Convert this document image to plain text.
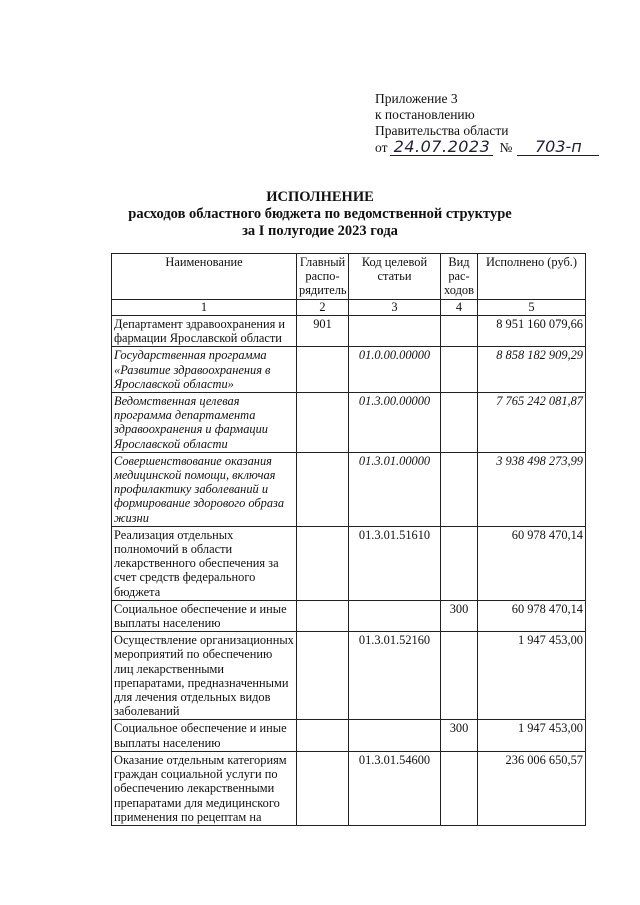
Приложение 3
к постановлению
Правительства области
от 24.07.2023 №	703-п
ИСПОЛНЕНИЕ
расходов областного бюджета по ведомственной структуре
за I полугодие 2023 года
Наименование	Главный распо-рядитель	Код целевой статьи	Вид рас-ходов	Исполнено (руб.)
1	2	3	4	5
Департамент здравоохранения и фармации Ярославской области	901			8 951 160 079,66
Государственная программа «Развитие здравоохранения в Ярославской области»		01.0.00.00000		8 858 182 909,29
Ведомственная целевая программа департамента здравоохранения и фармации Ярославской области		01.3.00.00000		7 765 242 081,87
Совершенствование оказания медицинской помощи, включая профилактику заболеваний и формирование здорового образа жизни		01.3.01.00000		3 938 498 273,99
Реализация отдельных полномочий в области лекарственного обеспечения за счет средств федерального бюджета		01.3.01.51610		60 978 470,14
Социальное обеспечение и иные выплаты населению			300	60 978 470,14
Осуществление организационных мероприятий по обеспечению лиц лекарственными препаратами, предназначенными для лечения отдельных видов заболеваний		01.3.01.52160		1 947 453,00
Социальное обеспечение и иные выплаты населению			300	1 947 453,00
Оказание отдельным категориям граждан социальной услуги по обеспечению лекарственными препаратами для медицинского применения по рецептам на		01.3.01.54600		236 006 650,57
